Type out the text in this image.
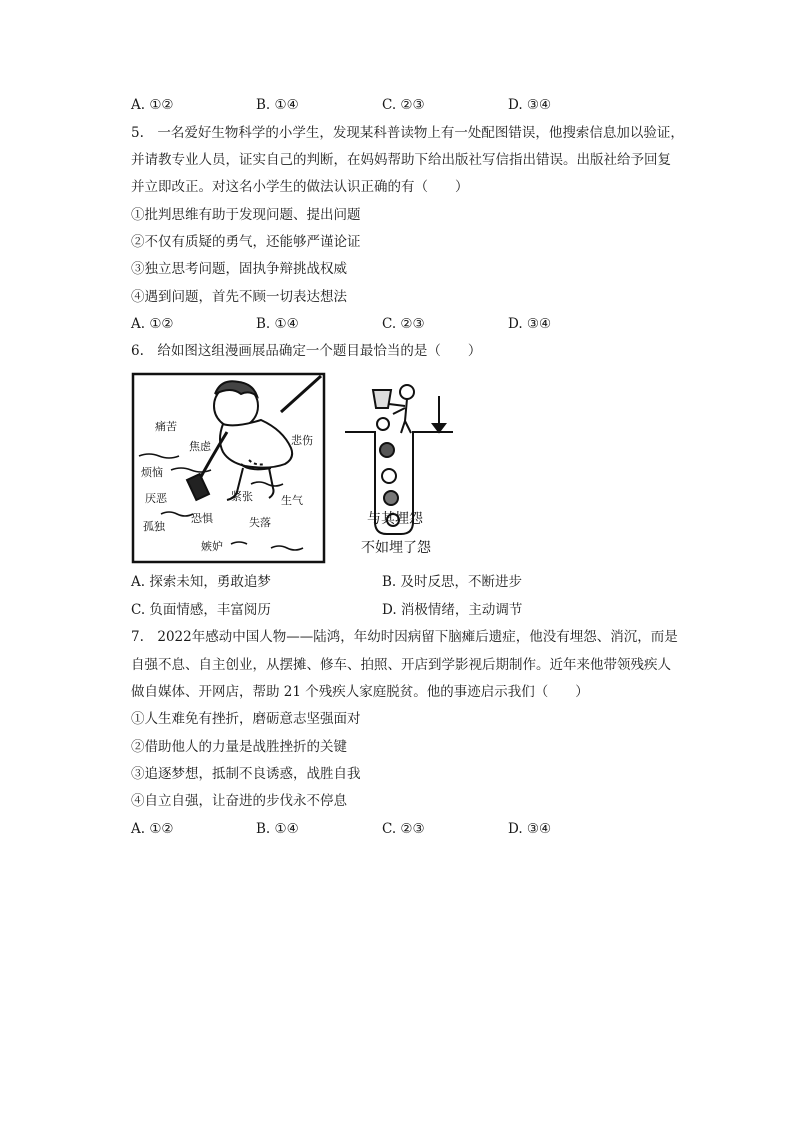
A. ①②	B. ①④	C. ②③	D. ③④
5.　一名爱好生物科学的小学生，发现某科普读物上有一处配图错误，他搜索信息加以验证，
并请教专业人员，证实自己的判断，在妈妈帮助下给出版社写信指出错误。出版社给予回复
并立即改正。对这名小学生的做法认识正确的有（　　）
①批判思维有助于发现问题、提出问题
②不仅有质疑的勇气，还能够严谨论证
③独立思考问题，固执争辩挑战权威
④遇到问题，首先不顾一切表达想法
A. ①②	B. ①④	C. ②③	D. ③④
6.　给如图这组漫画展品确定一个题目最恰当的是（　　）
痛苦
焦虑
烦恼
悲伤
紧张	生气
厌恶
恐惧	失落
孤独
嫉妒
与其埋怨
不如埋了怨
A. 探索未知，勇敢追梦	B. 及时反思，不断进步
C. 负面情感，丰富阅历	D. 消极情绪，主动调节
7.　2022年感动中国人物——陆鸿，年幼时因病留下脑瘫后遗症，他没有埋怨、消沉，而是
自强不息、自主创业，从摆摊、修车、拍照、开店到学影视后期制作。近年来他带领残疾人
做自媒体、开网店，帮助 21 个残疾人家庭脱贫。他的事迹启示我们（　　）
①人生难免有挫折，磨砺意志坚强面对
②借助他人的力量是战胜挫折的关键
③追逐梦想，抵制不良诱惑，战胜自我
④自立自强，让奋进的步伐永不停息
A. ①②	B. ①④	C. ②③	D. ③④
